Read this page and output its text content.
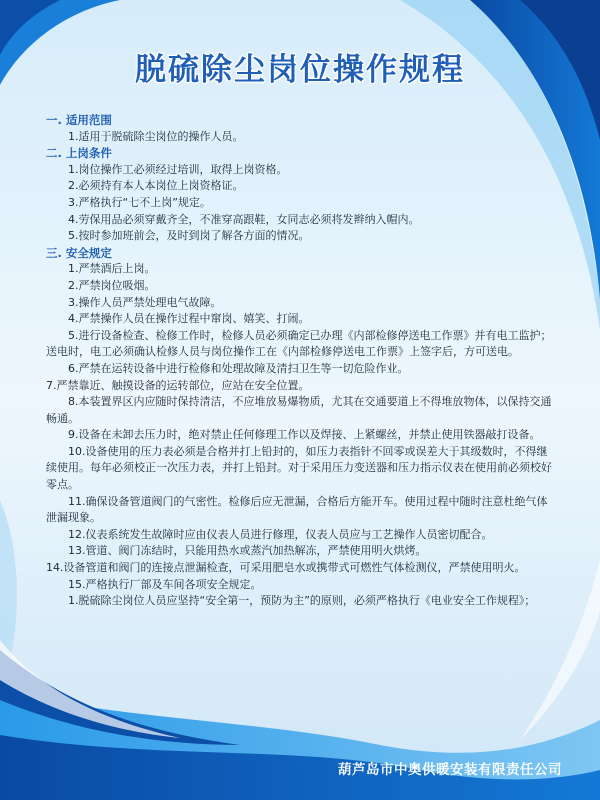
脱硫除尘岗位操作规程
一. 适用范围
1.适用于脱硫除尘岗位的操作人员。
二. 上岗条件
1.岗位操作工必须经过培训，取得上岗资格。
2.必须持有本人本岗位上岗资格证。
3.严格执行“七不上岗”规定。
4.劳保用品必须穿戴齐全，不准穿高跟鞋，女同志必须将发辫纳入帽内。
5.按时参加班前会，及时到岗了解各方面的情况。
三. 安全规定
1.严禁酒后上岗。
2.严禁岗位吸烟。
3.操作人员严禁处理电气故障。
4.严禁操作人员在操作过程中窜岗、嬉笑、打闹。
5.进行设备检查、检修工作时，检修人员必须确定已办理《内部检修停送电工作票》并有电工监护；送电时，电工必须确认检修人员与岗位操作工在《内部检修停送电工作票》上签字后，方可送电。
6.严禁在运转设备中进行检修和处理故障及清扫卫生等一切危险作业。
7.严禁靠近、触摸设备的运转部位，应站在安全位置。
8.本装置界区内应随时保持清洁，不应堆放易爆物质，尤其在交通要道上不得堆放物体，以保持交通畅通。
9.设备在未卸去压力时，绝对禁止任何修理工作以及焊接、上紧螺丝，并禁止使用铁器敲打设备。
10.设备使用的压力表必须是合格并打上铅封的，如压力表指针不回零或误差大于其级数时，不得继续使用。每年必须校正一次压力表，并打上铅封。对于采用压力变送器和压力指示仪表在使用前必须校好零点。
11.确保设备管道阀门的气密性。检修后应无泄漏，合格后方能开车。使用过程中随时注意杜绝气体泄漏现象。
12.仪表系统发生故障时应由仪表人员进行修理，仪表人员应与工艺操作人员密切配合。
13.管道、阀门冻结时，只能用热水或蒸汽加热解冻，严禁使用明火烘烤。
14.设备管道和阀门的连接点泄漏检查，可采用肥皂水或携带式可燃性气体检测仪，严禁使用明火。
15.严格执行厂部及车间各项安全规定。
1.脱硫除尘岗位人员应坚持“安全第一，预防为主”的原则，必须严格执行《电业安全工作规程》；
葫芦岛市中奥供暖安装有限责任公司
